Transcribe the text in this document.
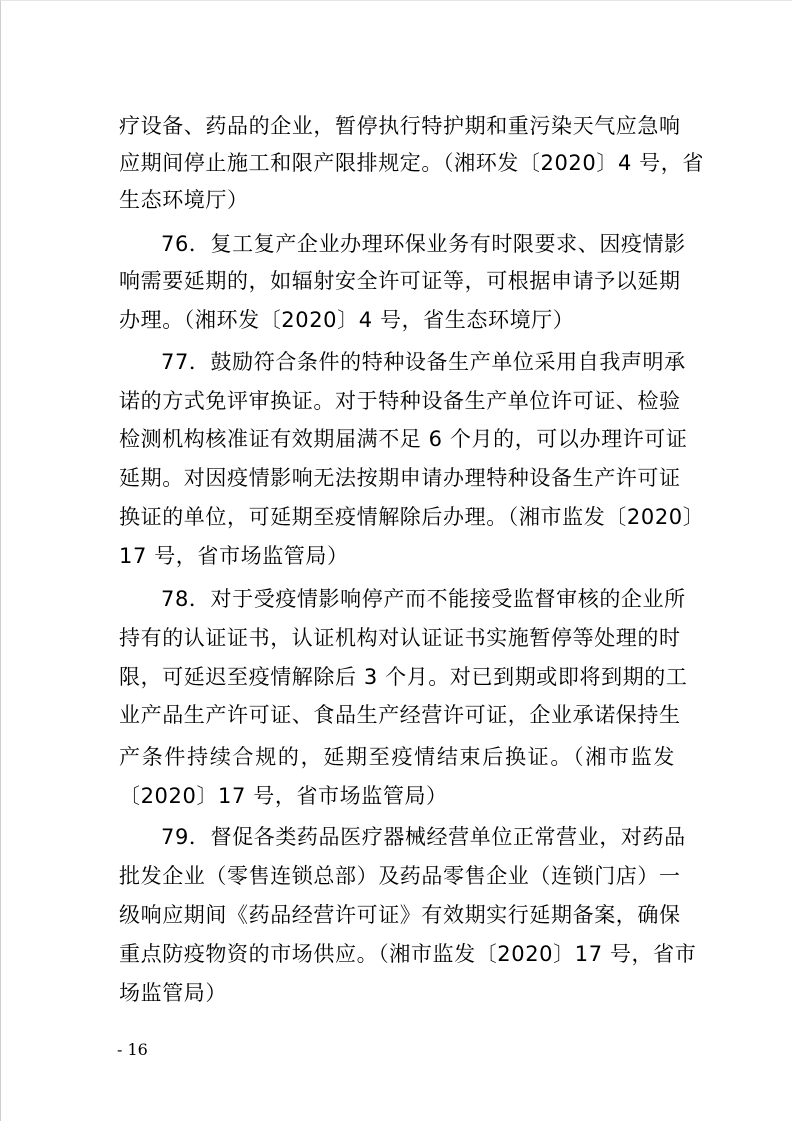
疗设备、药品的企业，暂停执行特护期和重污染天气应急响
应期间停止施工和限产限排规定。（湘环发〔2020〕4 号，省
生态环境厅）
76．复工复产企业办理环保业务有时限要求、因疫情影
响需要延期的，如辐射安全许可证等，可根据申请予以延期
办理。（湘环发〔2020〕4 号，省生态环境厅）
77．鼓励符合条件的特种设备生产单位采用自我声明承
诺的方式免评审换证。对于特种设备生产单位许可证、检验
检测机构核准证有效期届满不足 6 个月的，可以办理许可证
延期。对因疫情影响无法按期申请办理特种设备生产许可证
换证的单位，可延期至疫情解除后办理。（湘市监发〔2020〕
17 号，省市场监管局）
78．对于受疫情影响停产而不能接受监督审核的企业所
持有的认证证书，认证机构对认证证书实施暂停等处理的时
限，可延迟至疫情解除后 3 个月。对已到期或即将到期的工
业产品生产许可证、食品生产经营许可证，企业承诺保持生
产条件持续合规的，延期至疫情结束后换证。（湘市监发
〔2020〕17 号，省市场监管局）
79．督促各类药品医疗器械经营单位正常营业，对药品
批发企业（零售连锁总部）及药品零售企业（连锁门店）一
级响应期间《药品经营许可证》有效期实行延期备案，确保
重点防疫物资的市场供应。（湘市监发〔2020〕17 号，省市
场监管局）
- 16
